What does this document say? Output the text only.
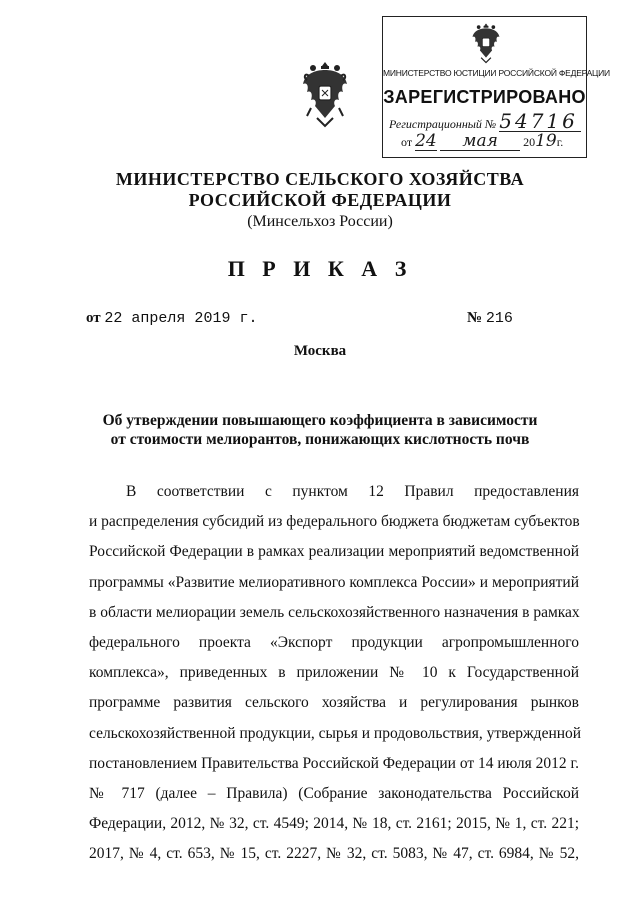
МИНИСТЕРСТВО ЮСТИЦИИ РОССИЙСКОЙ ФЕДЕРАЦИИ
ЗАРЕГИСТРИРОВАНО
Регистрационный № 54716
от 24 мая 2019г.
МИНИСТЕРСТВО СЕЛЬСКОГО ХОЗЯЙСТВА
РОССИЙСКОЙ ФЕДЕРАЦИИ
(Минсельхоз России)
П Р И К А З
от 22 апреля 2019 г.	№ 216
Москва
Об утверждении повышающего коэффициента в зависимости
от стоимости мелиорантов, понижающих кислотность почв
В соответствии с пунктом 12 Правил предоставления
и распределения субсидий из федерального бюджета бюджетам субъектов
Российской Федерации в рамках реализации мероприятий ведомственной
программы «Развитие мелиоративного комплекса России» и мероприятий
в области мелиорации земель сельскохозяйственного назначения в рамках
федерального проекта «Экспорт продукции агропромышленного
комплекса», приведенных в приложении № 10 к Государственной
программе развития сельского хозяйства и регулирования рынков
сельскохозяйственной продукции, сырья и продовольствия, утвержденной
постановлением Правительства Российской Федерации от 14 июля 2012 г.
№ 717 (далее – Правила) (Собрание законодательства Российской
Федерации, 2012, № 32, ст. 4549; 2014, № 18, ст. 2161; 2015, № 1, ст. 221;
2017, № 4, ст. 653, № 15, ст. 2227, № 32, ст. 5083, № 47, ст. 6984, № 52,
